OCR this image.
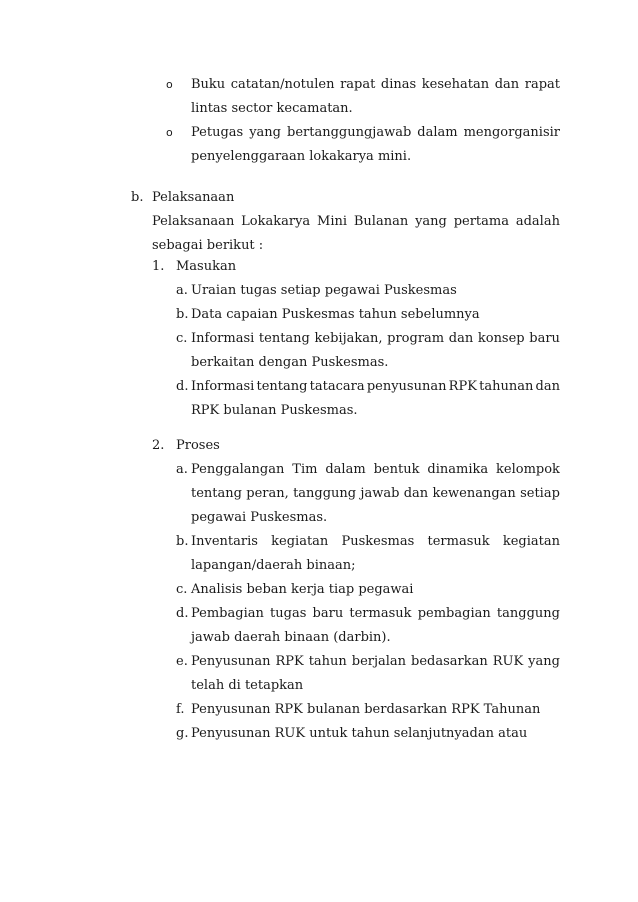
o Buku catatan/notulen rapat dinas kesehatan dan rapat
lintas sector kecamatan.
o Petugas yang bertanggungjawab dalam mengorganisir
penyelenggaraan lokakarya mini.
b. Pelaksanaan
Pelaksanaan Lokakarya Mini Bulanan yang pertama adalah
sebagai berikut :
1. Masukan
a. Uraian tugas setiap pegawai Puskesmas
b. Data capaian Puskesmas tahun sebelumnya
c. Informasi tentang kebijakan, program dan konsep baru
berkaitan dengan Puskesmas.
d. Informasi tentang tatacara penyusunan RPK tahunan dan
RPK bulanan Puskesmas.
2. Proses
a. Penggalangan Tim dalam bentuk dinamika kelompok
tentang peran, tanggung jawab dan kewenangan setiap
pegawai Puskesmas.
b. Inventaris kegiatan Puskesmas termasuk kegiatan
lapangan/daerah binaan;
c. Analisis beban kerja tiap pegawai
d. Pembagian tugas baru termasuk pembagian tanggung
jawab daerah binaan (darbin).
e. Penyusunan RPK tahun berjalan bedasarkan RUK yang
telah di tetapkan
f. Penyusunan RPK bulanan berdasarkan RPK Tahunan
g. Penyusunan RUK untuk tahun selanjutnyadan atau
